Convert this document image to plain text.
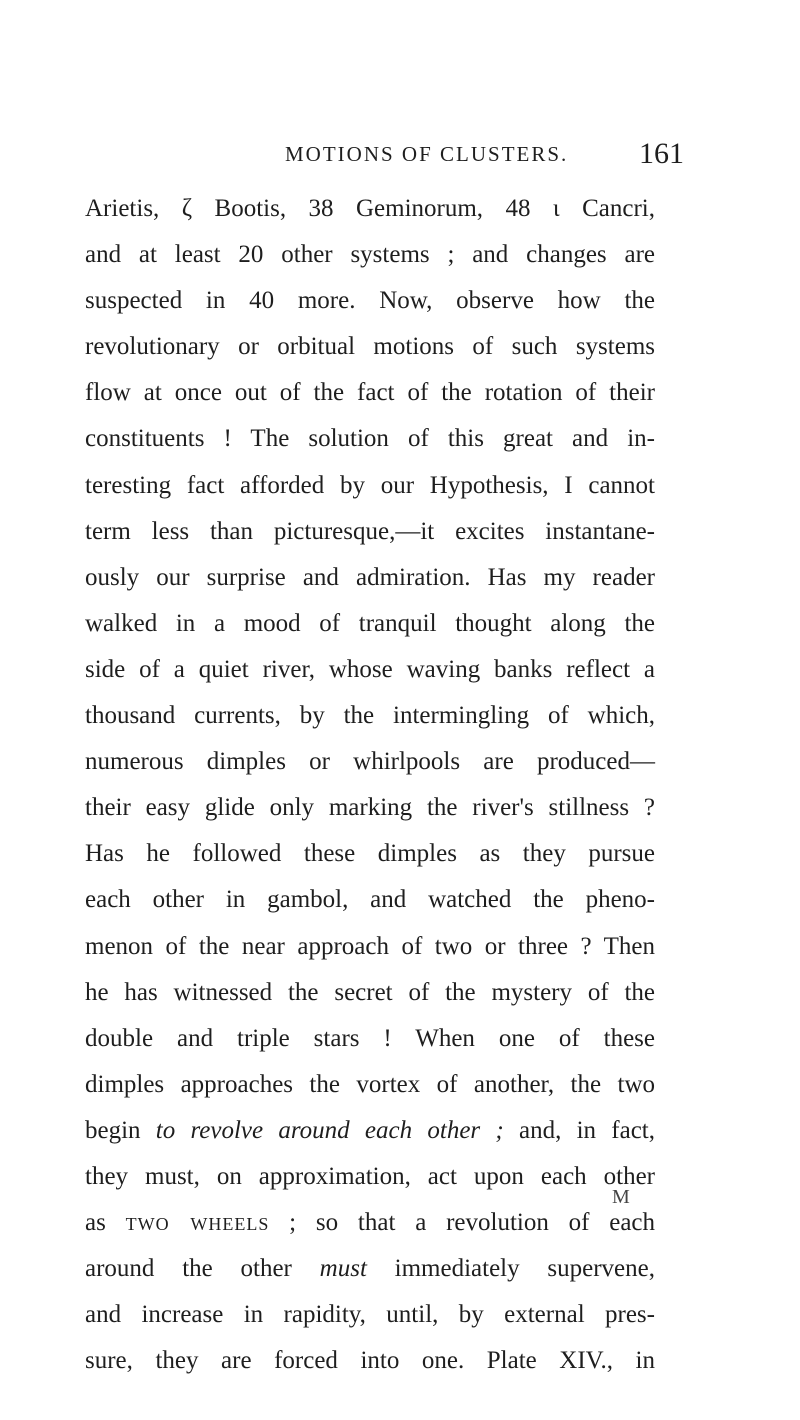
MOTIONS OF CLUSTERS. 161
Arietis, ζ Bootis, 38 Geminorum, 48 ι Cancri,
and at least 20 other systems ; and changes are
suspected in 40 more. Now, observe how the
revolutionary or orbitual motions of such systems
flow at once out of the fact of the rotation of their
constituents ! The solution of this great and in-
teresting fact afforded by our Hypothesis, I cannot
term less than picturesque,—it excites instantane-
ously our surprise and admiration. Has my reader
walked in a mood of tranquil thought along the
side of a quiet river, whose waving banks reflect a
thousand currents, by the intermingling of which,
numerous dimples or whirlpools are produced—
their easy glide only marking the river's stillness ?
Has he followed these dimples as they pursue
each other in gambol, and watched the pheno-
menon of the near approach of two or three ? Then
he has witnessed the secret of the mystery of the
double and triple stars ! When one of these
dimples approaches the vortex of another, the two
begin to revolve around each other ; and, in fact,
they must, on approximation, act upon each other
as two wheels ; so that a revolution of each
around the other must immediately supervene,
and increase in rapidity, until, by external pres-
sure, they are forced into one. Plate XIV., in
M
